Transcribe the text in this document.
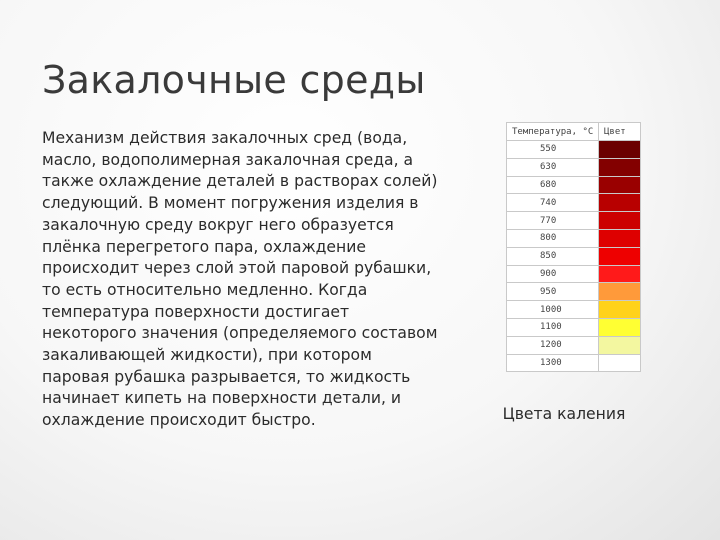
Закалочные среды
Механизм действия закалочных сред (вода, масло, водополимерная закалочная среда, а также охлаждение деталей в растворах солей) следующий. В момент погружения изделия в закалочную среду вокруг него образуется плёнка перегретого пара, охлаждение происходит через слой этой паровой рубашки, то есть относительно медленно. Когда температура поверхности достигает некоторого значения (определяемого составом закаливающей жидкости), при котором паровая рубашка разрывается, то жидкость начинает кипеть на поверхности детали, и охлаждение происходит быстро.
Температура, °С	Цвет
550	
630	
680	
740	
770	
800	
850	
900	
950	
1000	
1100	
1200	
1300	
Цвета каления
